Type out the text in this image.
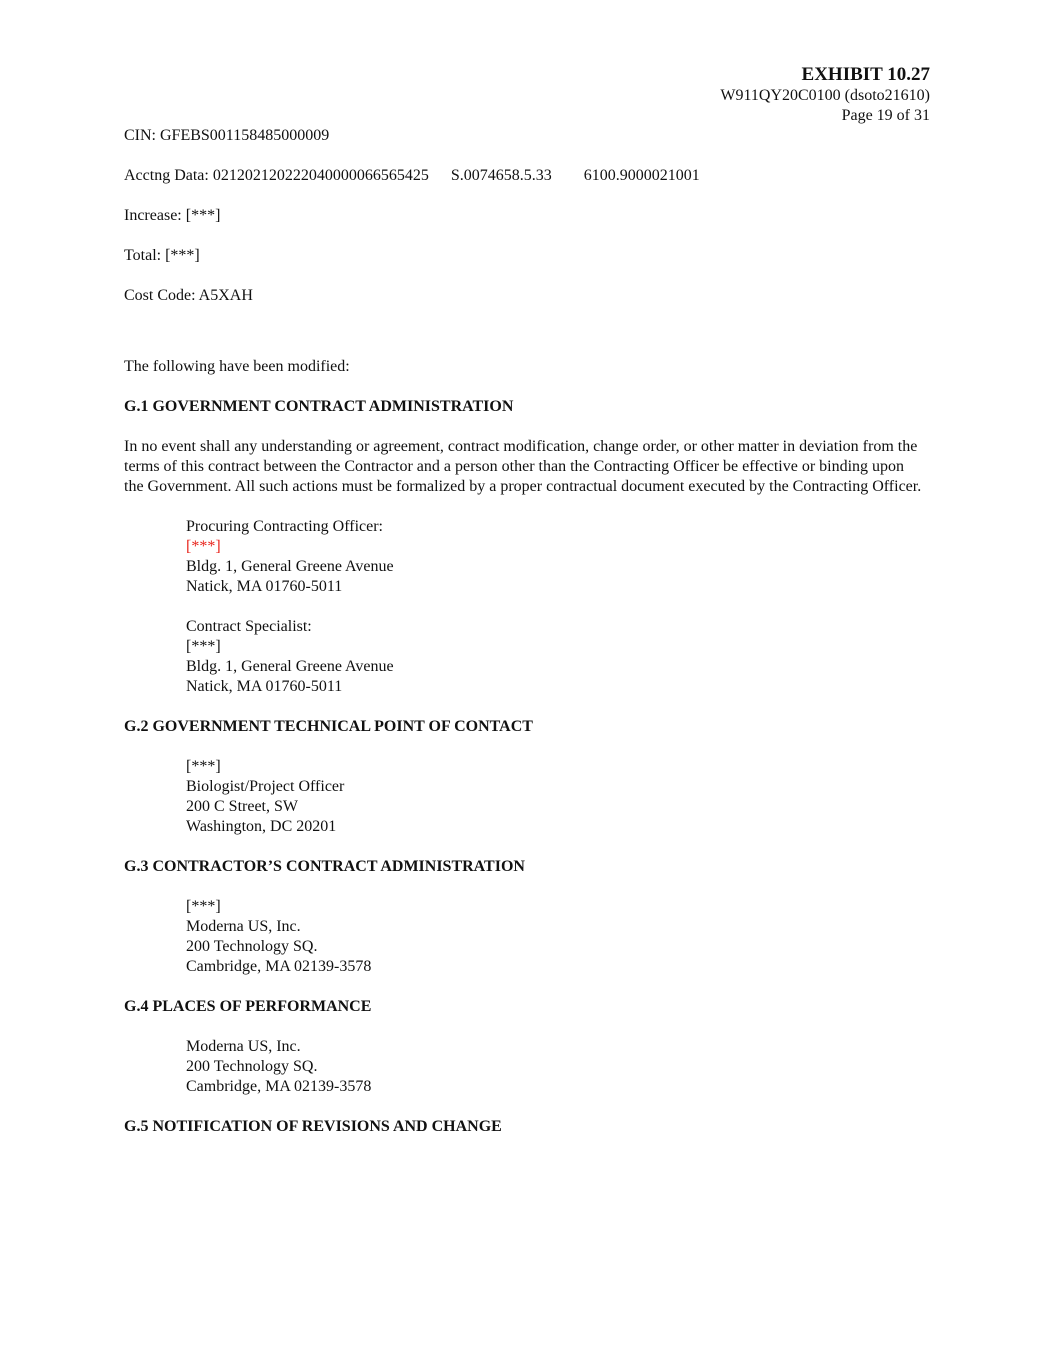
EXHIBIT 10.27
W911QY20C0100 (dsoto21610)
Page 19 of 31

CIN: GFEBS001158485000009

Acctng Data: 021202120222040000066565425 S.0074658.5.33 6100.9000021001

Increase: [***]

Total: [***]

Cost Code: A5XAH

The following have been modified:

G.1 GOVERNMENT CONTRACT ADMINISTRATION

In no event shall any understanding or agreement, contract modification, change order, or other matter in deviation from the terms of this contract between the Contractor and a person other than the Contracting Officer be effective or binding upon the Government. All such actions must be formalized by a proper contractual document executed by the Contracting Officer.

Procuring Contracting Officer:

[***]

Bldg. 1, General Greene Avenue

Natick, MA 01760-5011

Contract Specialist:

[***]

Bldg. 1, General Greene Avenue

Natick, MA 01760-5011

G.2 GOVERNMENT TECHNICAL POINT OF CONTACT

[***]

Biologist/Project Officer

200 C Street, SW

Washington, DC 20201

G.3 CONTRACTOR’S CONTRACT ADMINISTRATION

[***]

Moderna US, Inc.

200 Technology SQ.

Cambridge, MA 02139-3578

G.4 PLACES OF PERFORMANCE

Moderna US, Inc.

200 Technology SQ.

Cambridge, MA 02139-3578

G.5 NOTIFICATION OF REVISIONS AND CHANGE
